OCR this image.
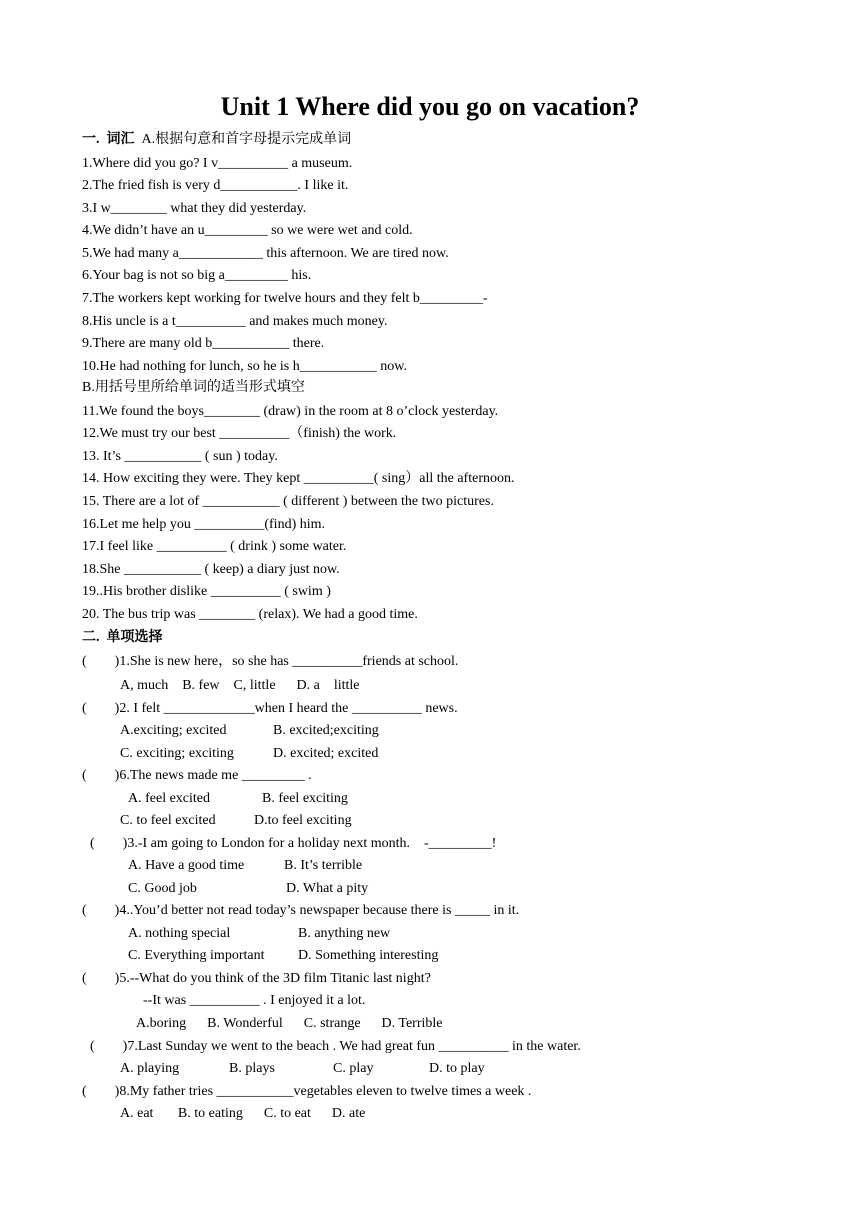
Unit 1 Where did you go on vacation?
一. 词汇 A.根据句意和首字母提示完成单词
1.Where did you go? I v__________ a museum.
2.The fried fish is very d___________. I like it.
3.I w________ what they did yesterday.
4.We didn’t have an u_________ so we were wet and cold.
5.We had many a____________ this afternoon. We are tired now.
6.Your bag is not so big a_________ his.
7.The workers kept working for twelve hours and they felt b_________-
8.His uncle is a t__________ and makes much money.
9.There are many old b___________ there.
10.He had nothing for lunch, so he is h___________ now.
B.用括号里所给单词的适当形式填空
11.We found the boys________ (draw) in the room at 8 o’clock yesterday.
12.We must try our best __________（finish) the work.
13. It’s ___________ ( sun ) today.
14. How exciting they were. They kept __________( sing）all the afternoon.
15. There are a lot of ___________ ( different ) between the two pictures.
16.Let me help you __________(find) him.
17.I feel like __________ ( drink ) some water.
18.She ___________ ( keep) a diary just now.
19..His brother dislike __________ ( swim )
20. The bus trip was ________ (relax). We had a good time.
二. 单项选择
(        )1.She is new here，so she has __________friends at school.
A, much    B. few    C, little      D. a    little
(        )2. I felt _____________when I heard the __________ news.
A.exciting; excited	B. excited;exciting
C. exciting; exciting	D. excited; excited
(        )6.The news made me _________ .
A. feel excited	B. feel exciting
C. to feel excited	D.to feel exciting
(        )3.-I am going to London for a holiday next month.    -_________!
A. Have a good time	B. It’s terrible
C. Good job	D. What a pity
(        )4..You’d better not read today’s newspaper because there is _____ in it.
A. nothing special	B. anything new
C. Everything important D. Something interesting
(        )5.--What do you think of the 3D film Titanic last night?
--It was __________ . I enjoyed it a lot.
A.boring      B. Wonderful      C. strange      D. Terrible
(        )7.Last Sunday we went to the beach . We had great fun __________ in the water.
A. playing	B. plays	C. play	D. to play
(        )8.My father tries ___________vegetables eleven to twelve times a week .
A. eat       B. to eating      C. to eat      D. ate
